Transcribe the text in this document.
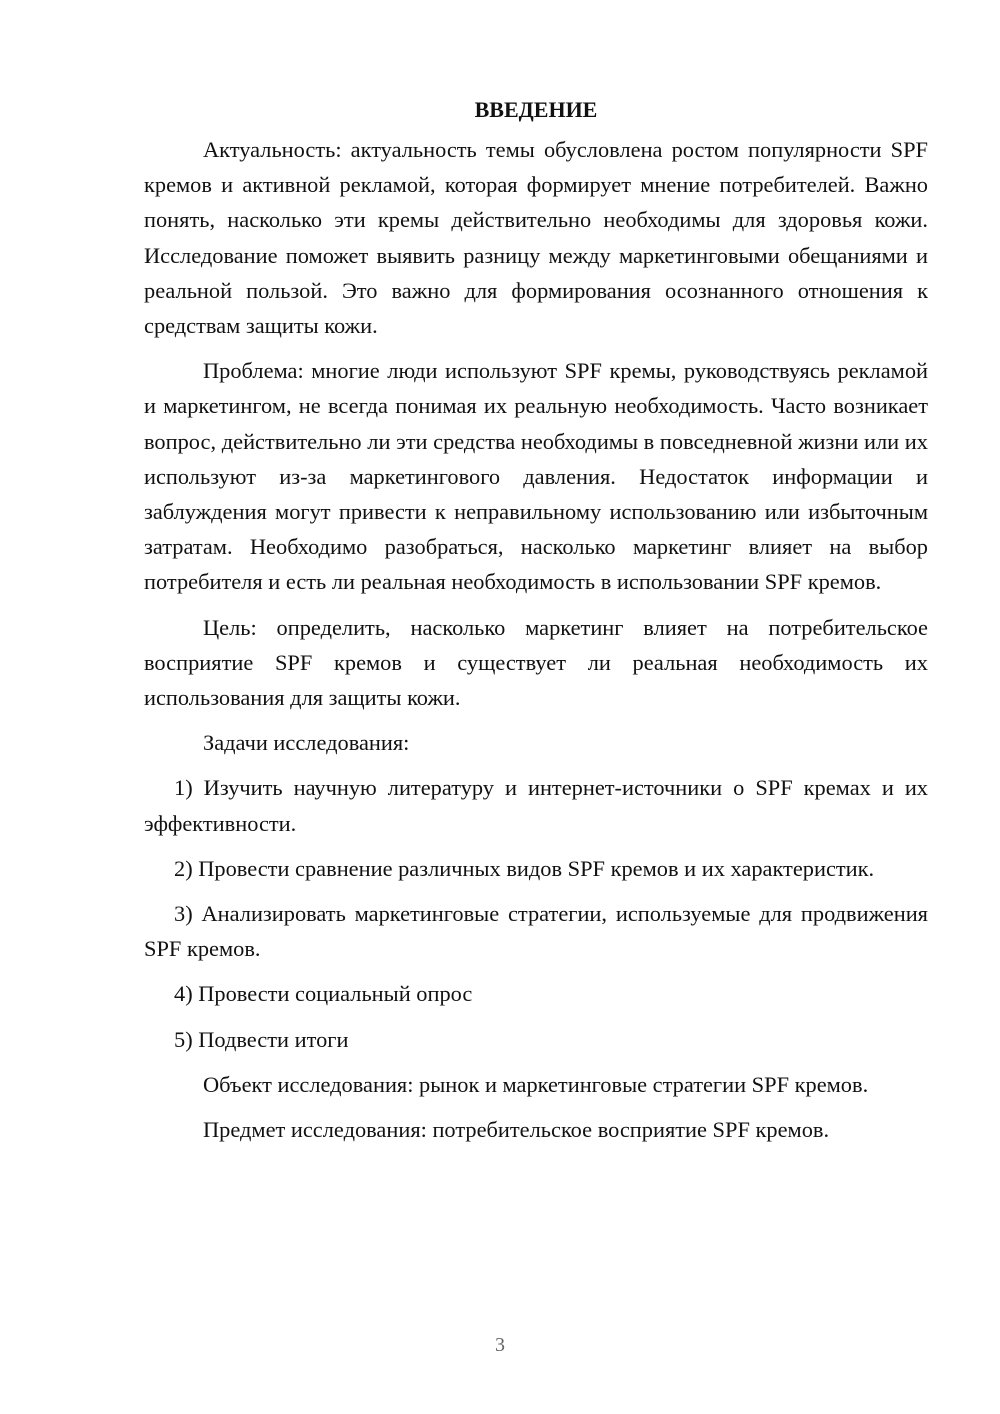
ВВЕДЕНИЕ

Актуальность: актуальность темы обусловлена ростом популярности SPF кремов и активной рекламой, которая формирует мнение потребителей. Важно понять, насколько эти кремы действительно необходимы для здоровья кожи. Исследование поможет выявить разницу между маркетинговыми обещаниями и реальной пользой. Это важно для формирования осознанного отношения к средствам защиты кожи.

Проблема: многие люди используют SPF кремы, руководствуясь рекламой и маркетингом, не всегда понимая их реальную необходимость. Часто возникает вопрос, действительно ли эти средства необходимы в повседневной жизни или их используют из-за маркетингового давления. Недостаток информации и заблуждения могут привести к неправильному использованию или избыточным затратам. Необходимо разобраться, насколько маркетинг влияет на выбор потребителя и есть ли реальная необходимость в использовании SPF кремов.

Цель: определить, насколько маркетинг влияет на потребительское восприятие SPF кремов и существует ли реальная необходимость их использования для защиты кожи.

Задачи исследования:

1) Изучить научную литературу и интернет-источники о SPF кремах и их эффективности.

2) Провести сравнение различных видов SPF кремов и их характеристик.

3) Анализировать маркетинговые стратегии, используемые для продвижения SPF кремов.

4) Провести социальный опрос

5) Подвести итоги

Объект исследования: рынок и маркетинговые стратегии SPF кремов.

Предмет исследования: потребительское восприятие SPF кремов.

3
